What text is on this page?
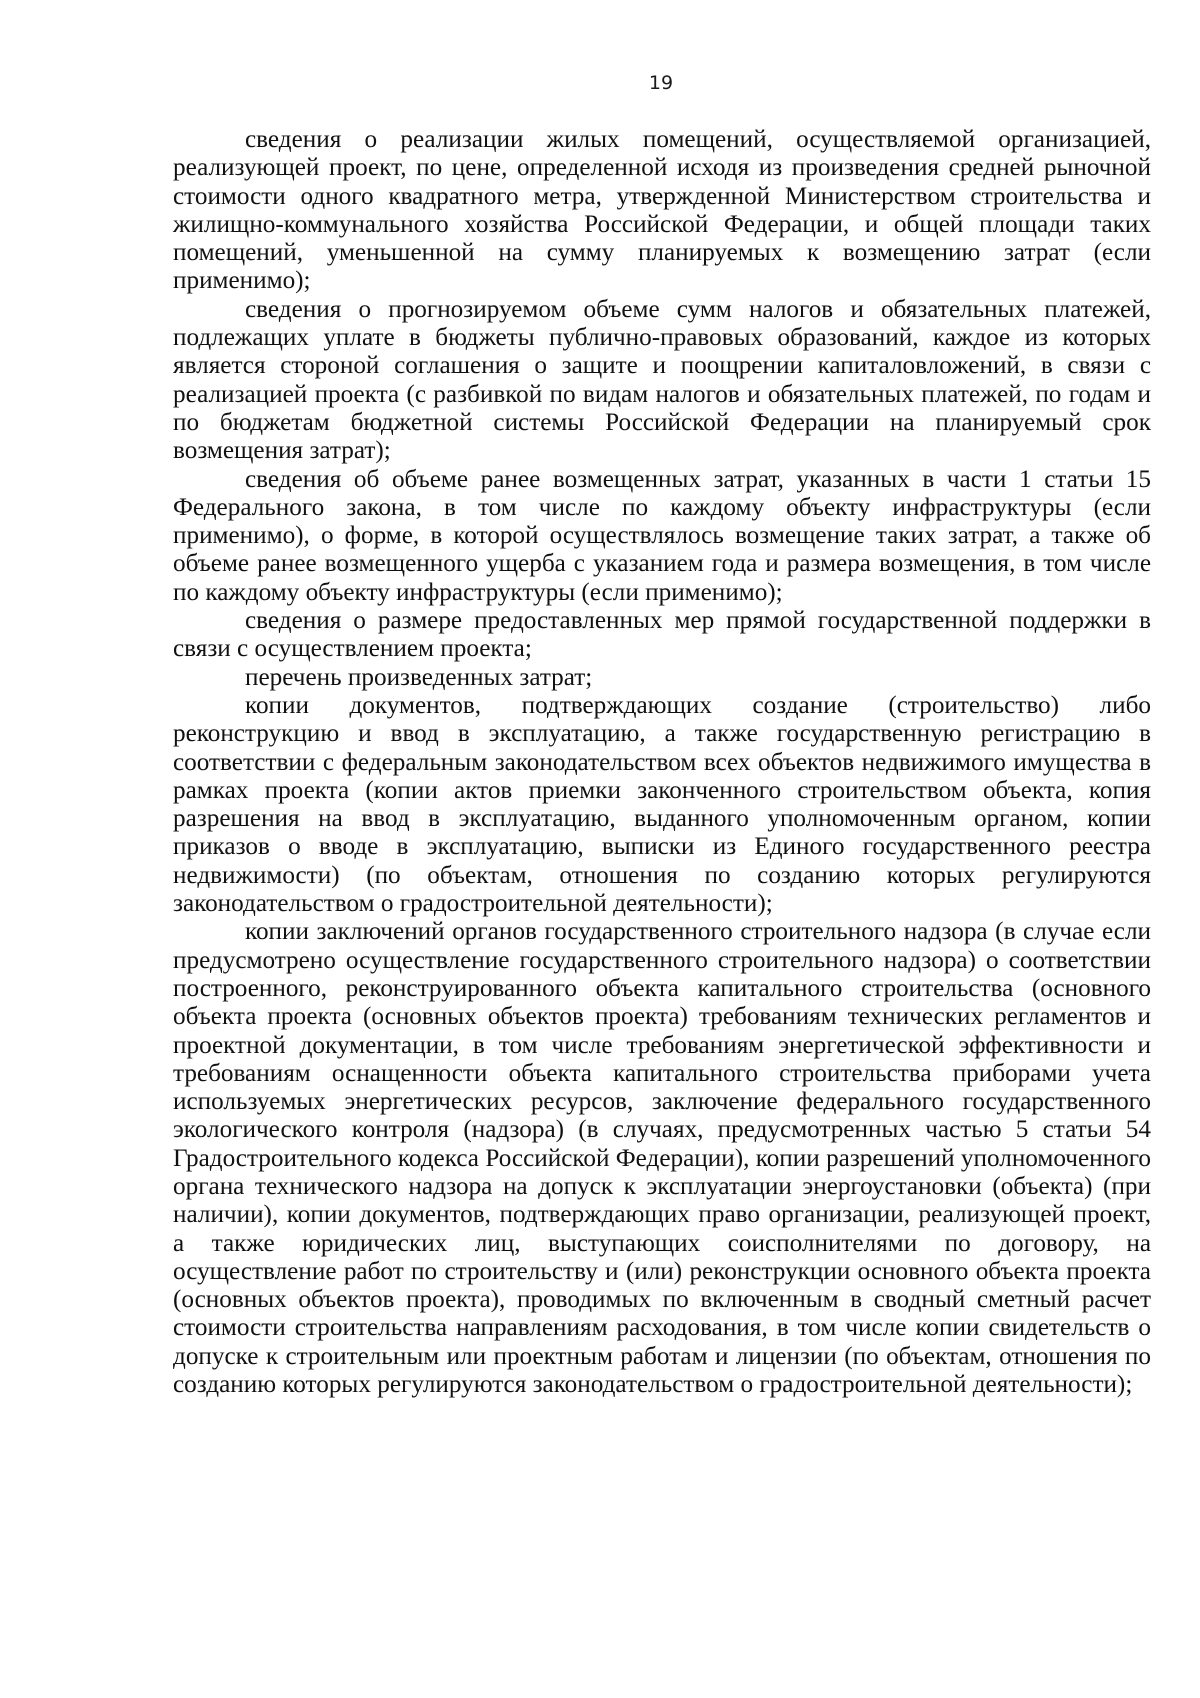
19

сведения о реализации жилых помещений, осуществляемой организацией, реализующей проект, по цене, определенной исходя из произведения средней рыночной стоимости одного квадратного метра, утвержденной Министерством строительства и жилищно-коммунального хозяйства Российской Федерации, и общей площади таких помещений, уменьшенной на сумму планируемых к возмещению затрат (если применимо);

сведения о прогнозируемом объеме сумм налогов и обязательных платежей, подлежащих уплате в бюджеты публично-правовых образований, каждое из которых является стороной соглашения о защите и поощрении капиталовложений, в связи с реализацией проекта (с разбивкой по видам налогов и обязательных платежей, по годам и по бюджетам бюджетной системы Российской Федерации на планируемый срок возмещения затрат);

сведения об объеме ранее возмещенных затрат, указанных в части 1 статьи 15 Федерального закона, в том числе по каждому объекту инфраструктуры (если применимо), о форме, в которой осуществлялось возмещение таких затрат, а также об объеме ранее возмещенного ущерба с указанием года и размера возмещения, в том числе по каждому объекту инфраструктуры (если применимо);

сведения о размере предоставленных мер прямой государственной поддержки в связи с осуществлением проекта;

перечень произведенных затрат;

копии документов, подтверждающих создание (строительство) либо реконструкцию и ввод в эксплуатацию, а также государственную регистрацию в соответствии с федеральным законодательством всех объектов недвижимого имущества в рамках проекта (копии актов приемки законченного строительством объекта, копия разрешения на ввод в эксплуатацию, выданного уполномоченным органом, копии приказов о вводе в эксплуатацию, выписки из Единого государственного реестра недвижимости) (по объектам, отношения по созданию которых регулируются законодательством о градостроительной деятельности);

копии заключений органов государственного строительного надзора (в случае если предусмотрено осуществление государственного строительного надзора) о соответствии построенного, реконструированного объекта капитального строительства (основного объекта проекта (основных объектов проекта) требованиям технических регламентов и проектной документации, в том числе требованиям энергетической эффективности и требованиям оснащенности объекта капитального строительства приборами учета используемых энергетических ресурсов, заключение федерального государственного экологического контроля (надзора) (в случаях, предусмотренных частью 5 статьи 54 Градостроительного кодекса Российской Федерации), копии разрешений уполномоченного органа технического надзора на допуск к эксплуатации энергоустановки (объекта) (при наличии), копии документов, подтверждающих право организации, реализующей проект, а также юридических лиц, выступающих соисполнителями по договору, на осуществление работ по строительству и (или) реконструкции основного объекта проекта (основных объектов проекта), проводимых по включенным в сводный сметный расчет стоимости строительства направлениям расходования, в том числе копии свидетельств о допуске к строительным или проектным работам и лицензии (по объектам, отношения по созданию которых регулируются законодательством о градостроительной деятельности);
